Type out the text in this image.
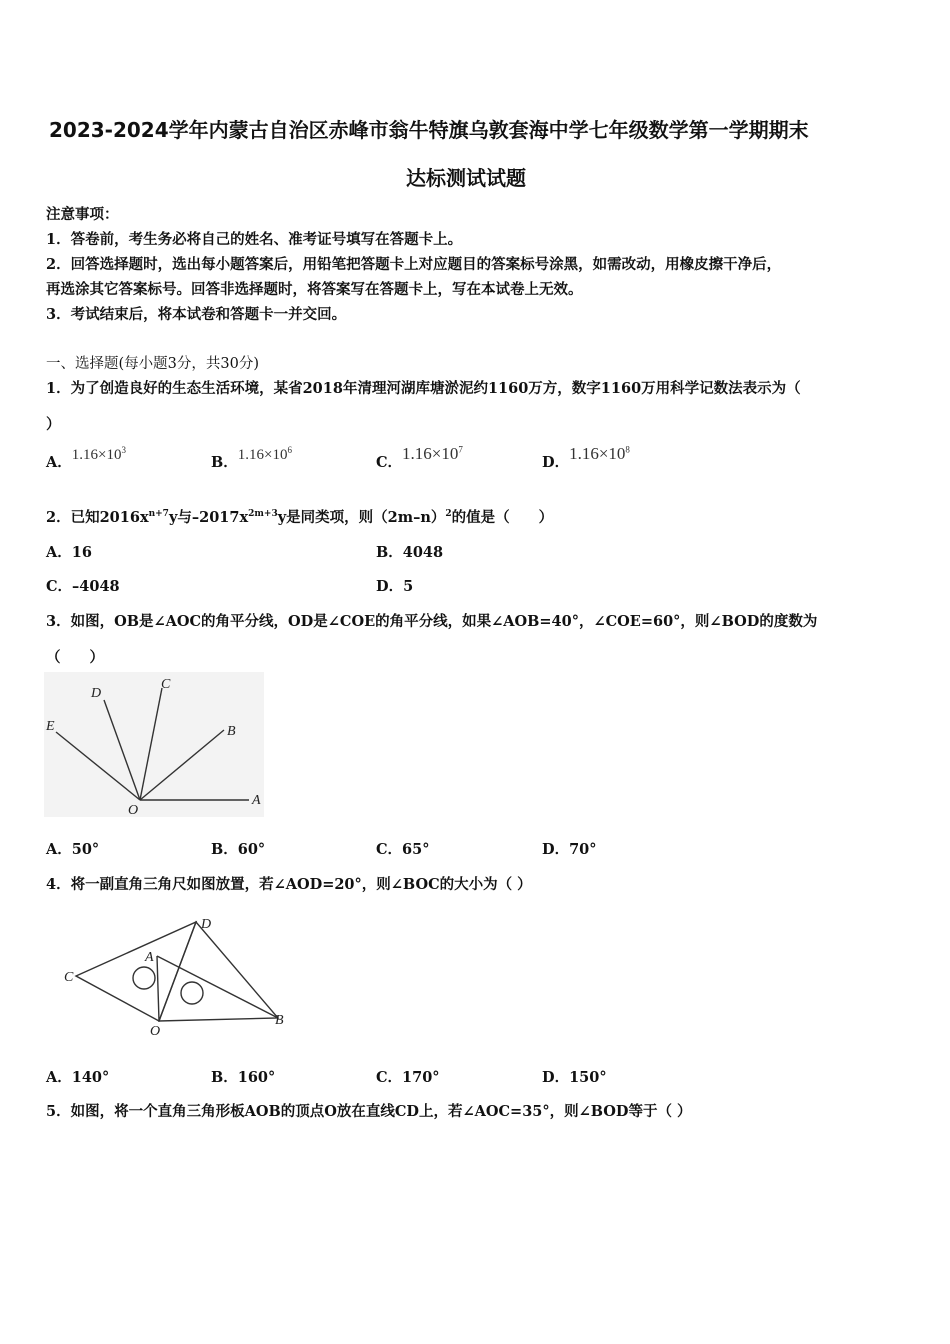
2023-2024学年内蒙古自治区赤峰市翁牛特旗乌敦套海中学七年级数学第一学期期末
达标测试试题
注意事项：
1．答卷前，考生务必将自己的姓名、准考证号填写在答题卡上。
2．回答选择题时，选出每小题答案后，用铅笔把答题卡上对应题目的答案标号涂黑，如需改动，用橡皮擦干净后，
再选涂其它答案标号。回答非选择题时，将答案写在答题卡上，写在本试卷上无效。
3．考试结束后，将本试卷和答题卡一并交回。
一、选择题(每小题3分，共30分)
1．为了创造良好的生态生活环境，某省2018年清理河湖库塘淤泥约1160万方，数字1160万用科学记数法表示为（
）
A．$1.16\times 10^3$
B．$1.16\times 10^6$
C．$1.16\times 10^7$
D．$1.16\times 10^8$
2．已知$2016x^{n+7}y$与$-2017x^{2m+3}y$是同类项，则$(2m-n)^2$的值是（　　）
A．16	B．4048
C．–4048	D．5
3．如图，OB是∠AOC的角平分线，OD是∠COE的角平分线，如果∠AOB=40°，∠COE=60°，则∠BOD的度数为
（　　）
E
D
C
B
A
O
A．50°	B．60°	C．65°	D．70°
4．将一副直角三角尺如图放置，若∠AOD=20°，则∠BOC的大小为（ ）
D
A
C
O
B
A．140°	B．160°	C．170°	D．150°
5．如图，将一个直角三角形板AOB的顶点O放在直线CD上，若∠AOC=35°，则∠BOD等于（ ）
